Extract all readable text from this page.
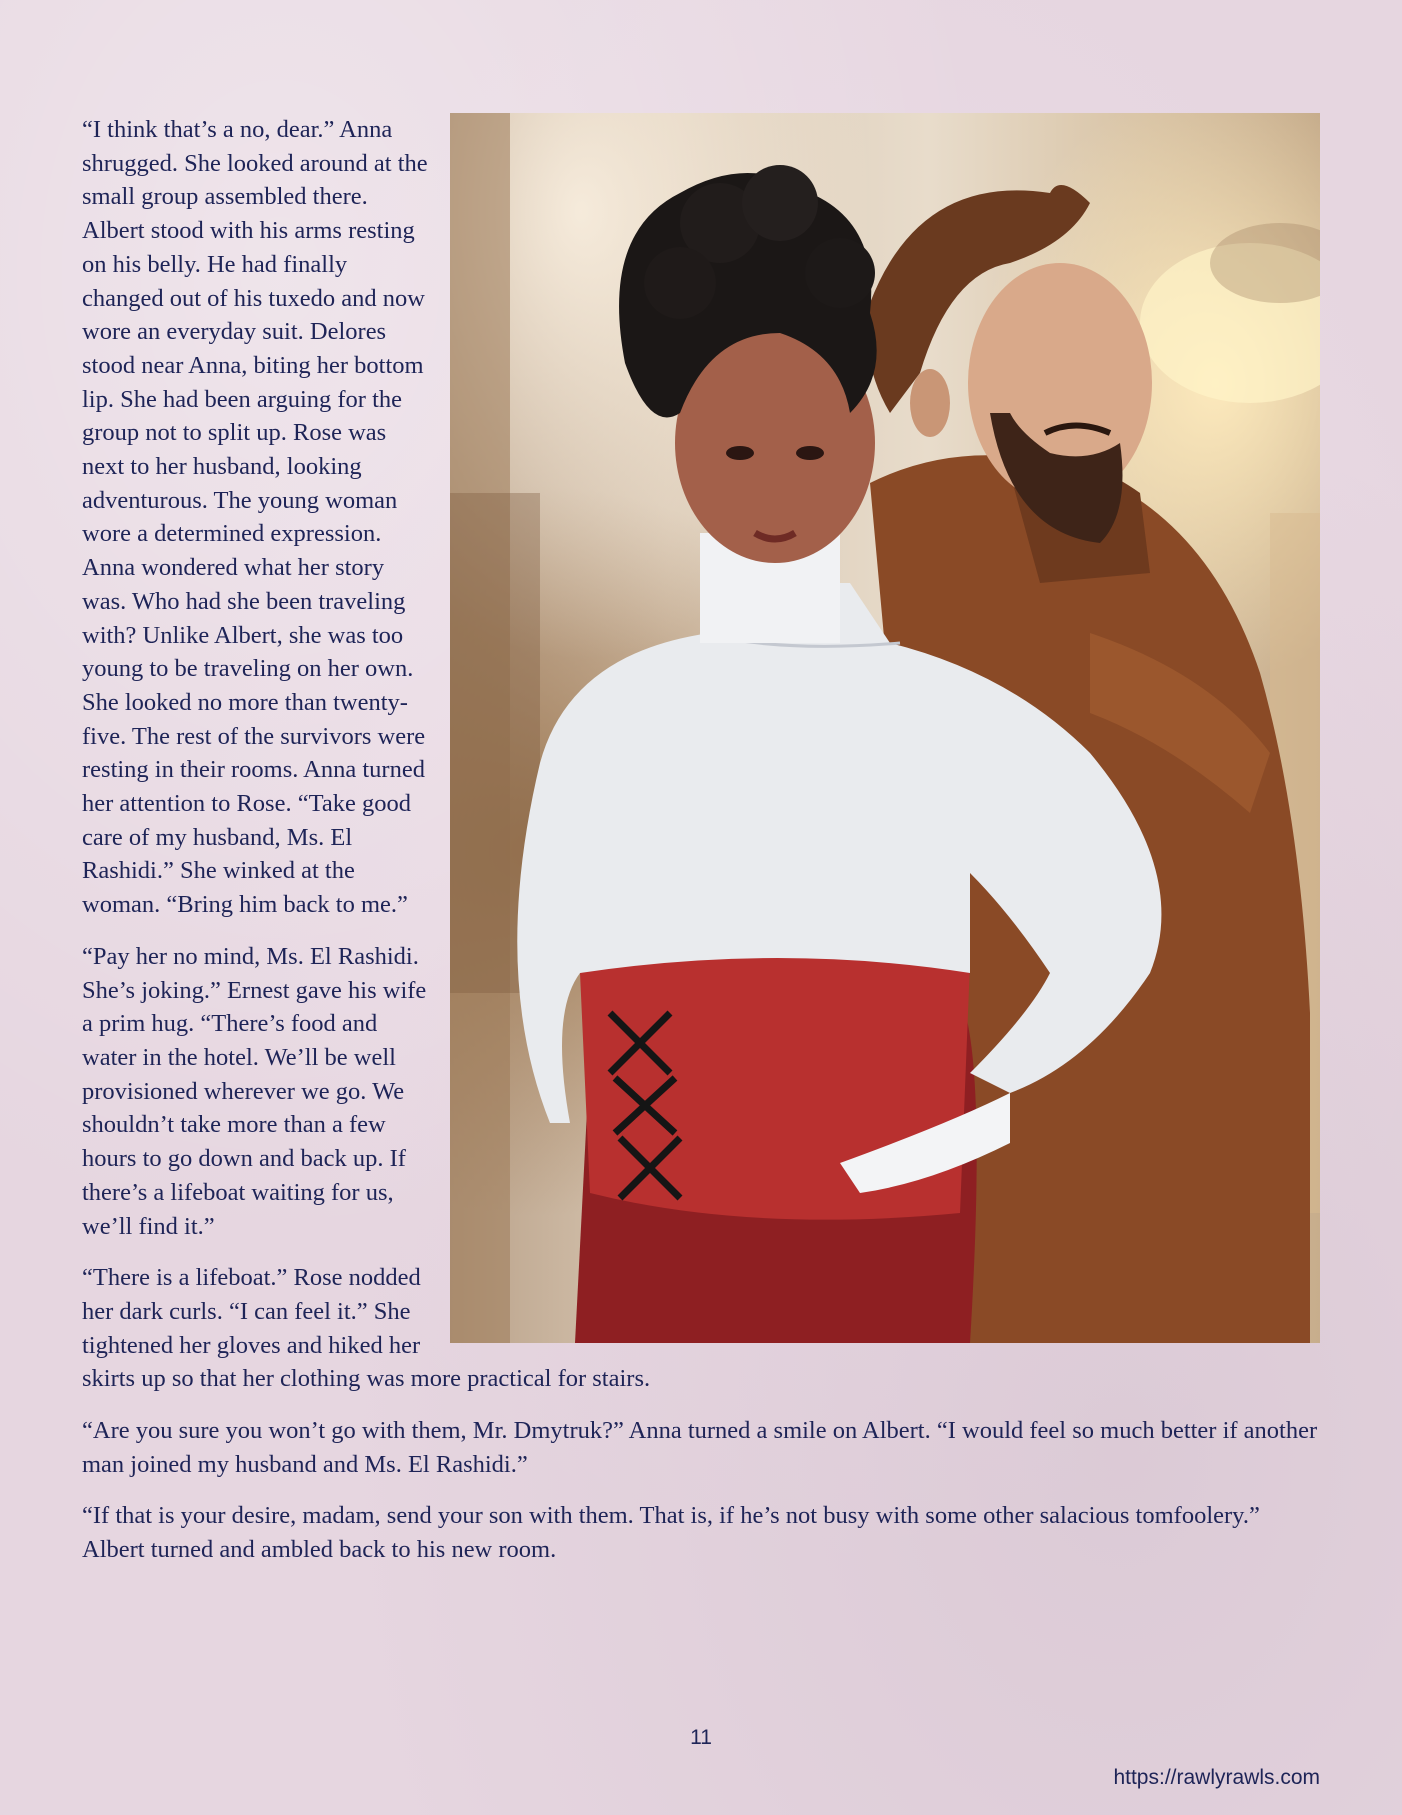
“I think that’s a no, dear.” Anna shrugged. She looked around at the small group assembled there. Albert stood with his arms resting on his belly. He had finally changed out of his tuxedo and now wore an everyday suit. Delores stood near Anna, biting her bottom lip. She had been arguing for the group not to split up. Rose was next to her husband, looking adventurous. The young woman wore a determined expression. Anna wondered what her story was. Who had she been traveling with? Unlike Albert, she was too young to be traveling on her own. She looked no more than twenty-five. The rest of the survivors were resting in their rooms. Anna turned her attention to Rose. “Take good care of my husband, Ms. El Rashidi.” She winked at the woman. “Bring him back to me.”

“Pay her no mind, Ms. El Rashidi. She’s joking.” Ernest gave his wife a prim hug. “There’s food and water in the hotel. We’ll be well provisioned wherever we go. We shouldn’t take more than a few hours to go down and back up. If there’s a lifeboat waiting for us, we’ll find it.”

“There is a lifeboat.” Rose nodded her dark curls. “I can feel it.” She tightened her gloves and hiked her skirts up so that her clothing was more practical for stairs.

“Are you sure you won’t go with them, Mr. Dmytruk?” Anna turned a smile on Albert. “I would feel so much better if another man joined my husband and Ms. El Rashidi.”

“If that is your desire, madam, send your son with them. That is, if he’s not busy with some other salacious tomfoolery.” Albert turned and ambled back to his new room.

11
https://rawlyrawls.com
